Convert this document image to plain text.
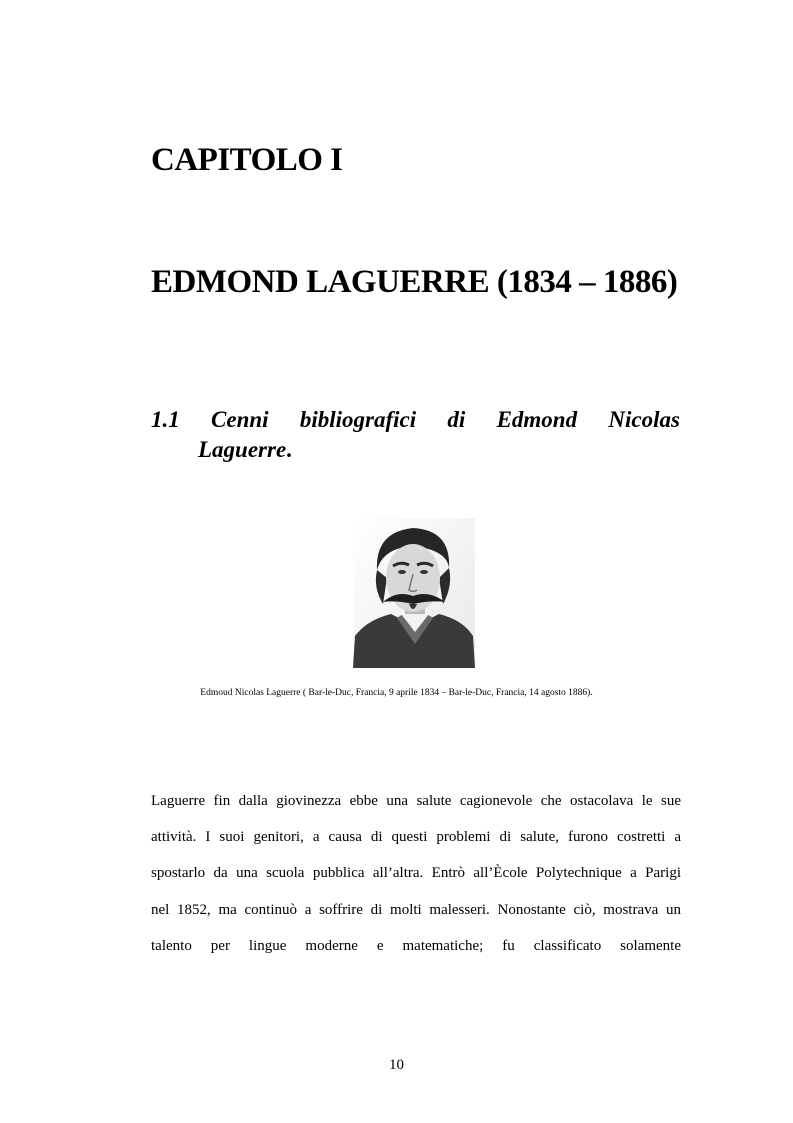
CAPITOLO I
EDMOND LAGUERRE (1834 – 1886)
1.1 Cenni bibliografici di Edmond Nicolas
Laguerre.
Edmoud Nicolas Laguerre ( Bar-le-Duc, Francia, 9 aprile 1834 – Bar-le-Duc, Francia, 14 agosto 1886).
Laguerre fin dalla giovinezza ebbe una salute cagionevole che ostacolava le sue
attività. I suoi genitori, a causa di questi problemi di salute, furono costretti a
spostarlo da una scuola pubblica all’altra. Entrò all’Ècole Polytechnique a Parigi
nel 1852, ma continuò a soffrire di molti malesseri. Nonostante ciò, mostrava un
talento per lingue moderne e matematiche; fu classificato solamente
10
